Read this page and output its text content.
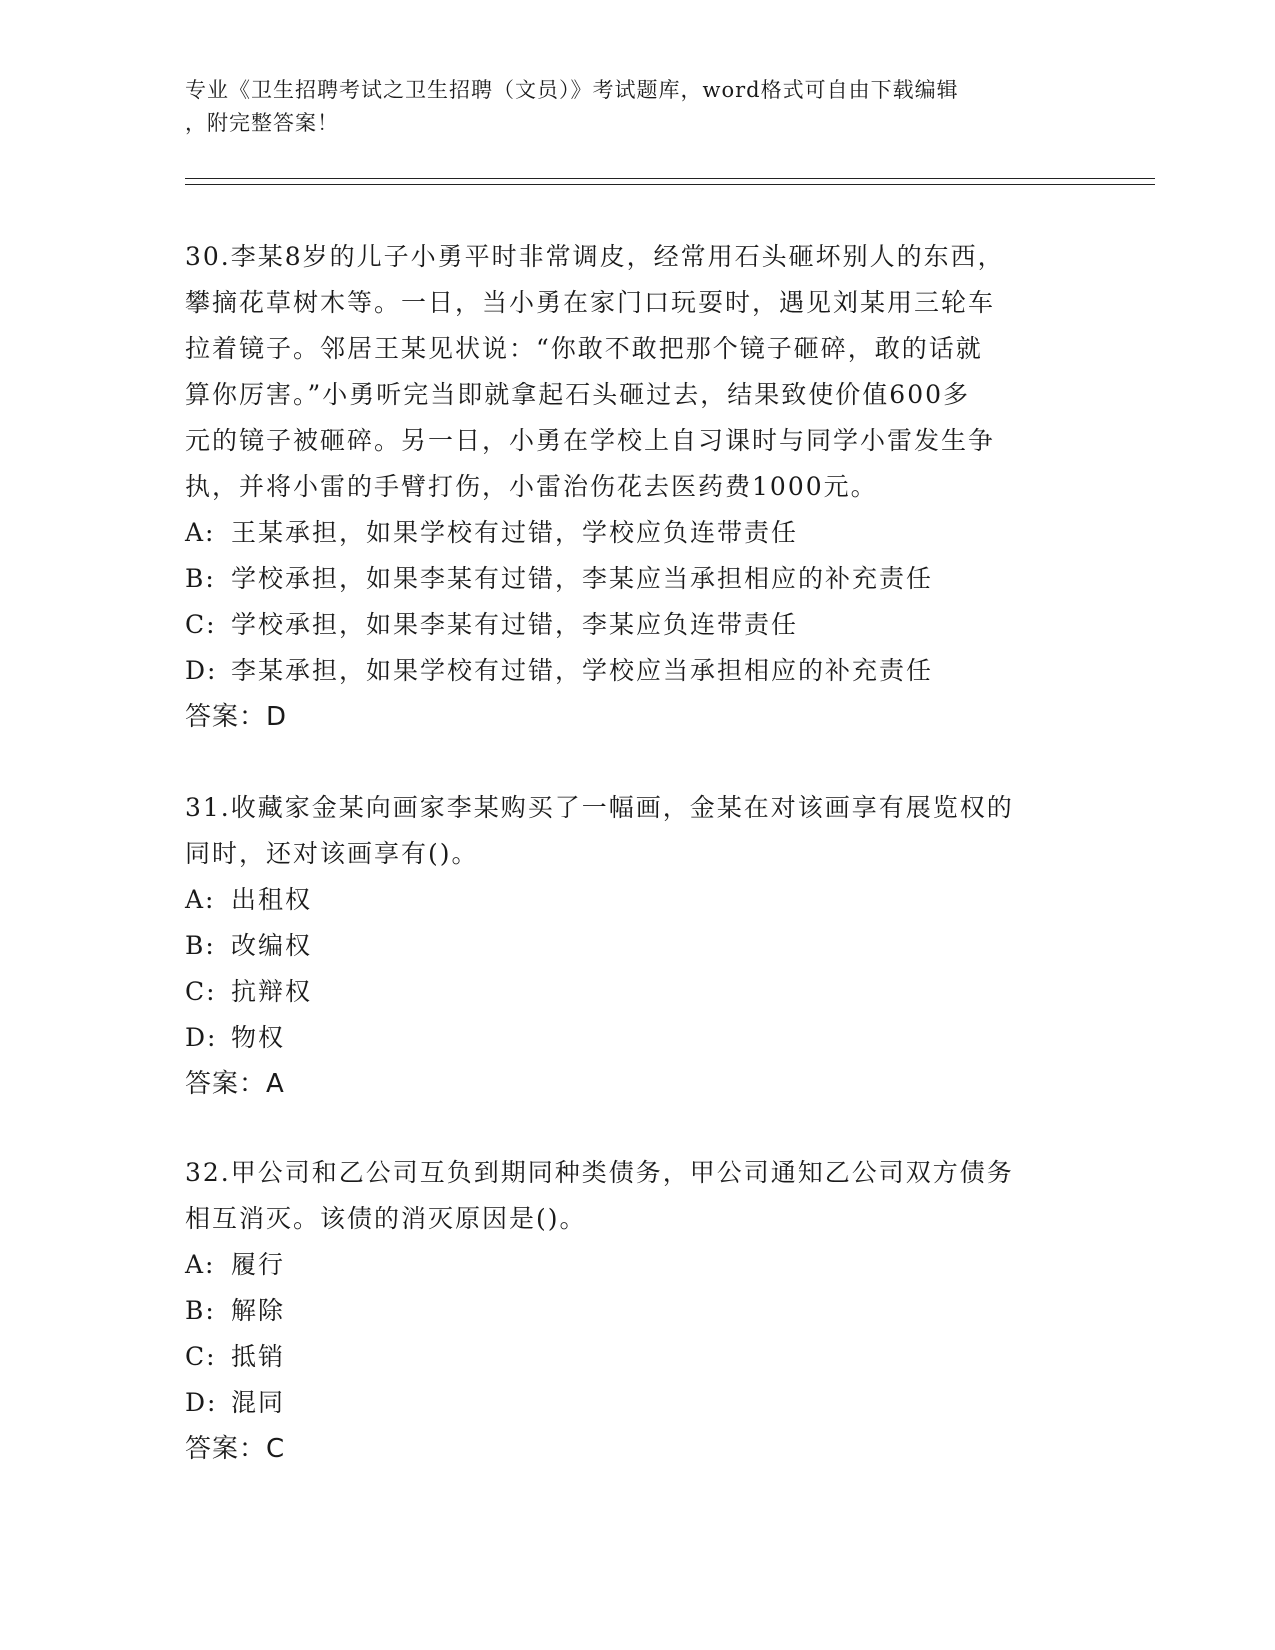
专业《卫生招聘考试之卫生招聘（文员）》考试题库，word格式可自由下载编辑
，附完整答案！

30.李某8岁的儿子小勇平时非常调皮，经常用石头砸坏别人的东西，

攀摘花草树木等。一日，当小勇在家门口玩耍时，遇见刘某用三轮车

拉着镜子。邻居王某见状说：“你敢不敢把那个镜子砸碎，敢的话就

算你厉害。”小勇听完当即就拿起石头砸过去，结果致使价值600多

元的镜子被砸碎。另一日，小勇在学校上自习课时与同学小雷发生争

执，并将小雷的手臂打伤，小雷治伤花去医药费1000元。

A: 王某承担，如果学校有过错，学校应负连带责任

B: 学校承担，如果李某有过错，李某应当承担相应的补充责任

C: 学校承担，如果李某有过错，李某应负连带责任

D: 李某承担，如果学校有过错，学校应当承担相应的补充责任

答案：D

31.收藏家金某向画家李某购买了一幅画，金某在对该画享有展览权的

同时，还对该画享有()。

A: 出租权

B: 改编权

C: 抗辩权

D: 物权

答案：A

32.甲公司和乙公司互负到期同种类债务，甲公司通知乙公司双方债务

相互消灭。该债的消灭原因是()。

A: 履行

B: 解除

C: 抵销

D: 混同

答案：C
